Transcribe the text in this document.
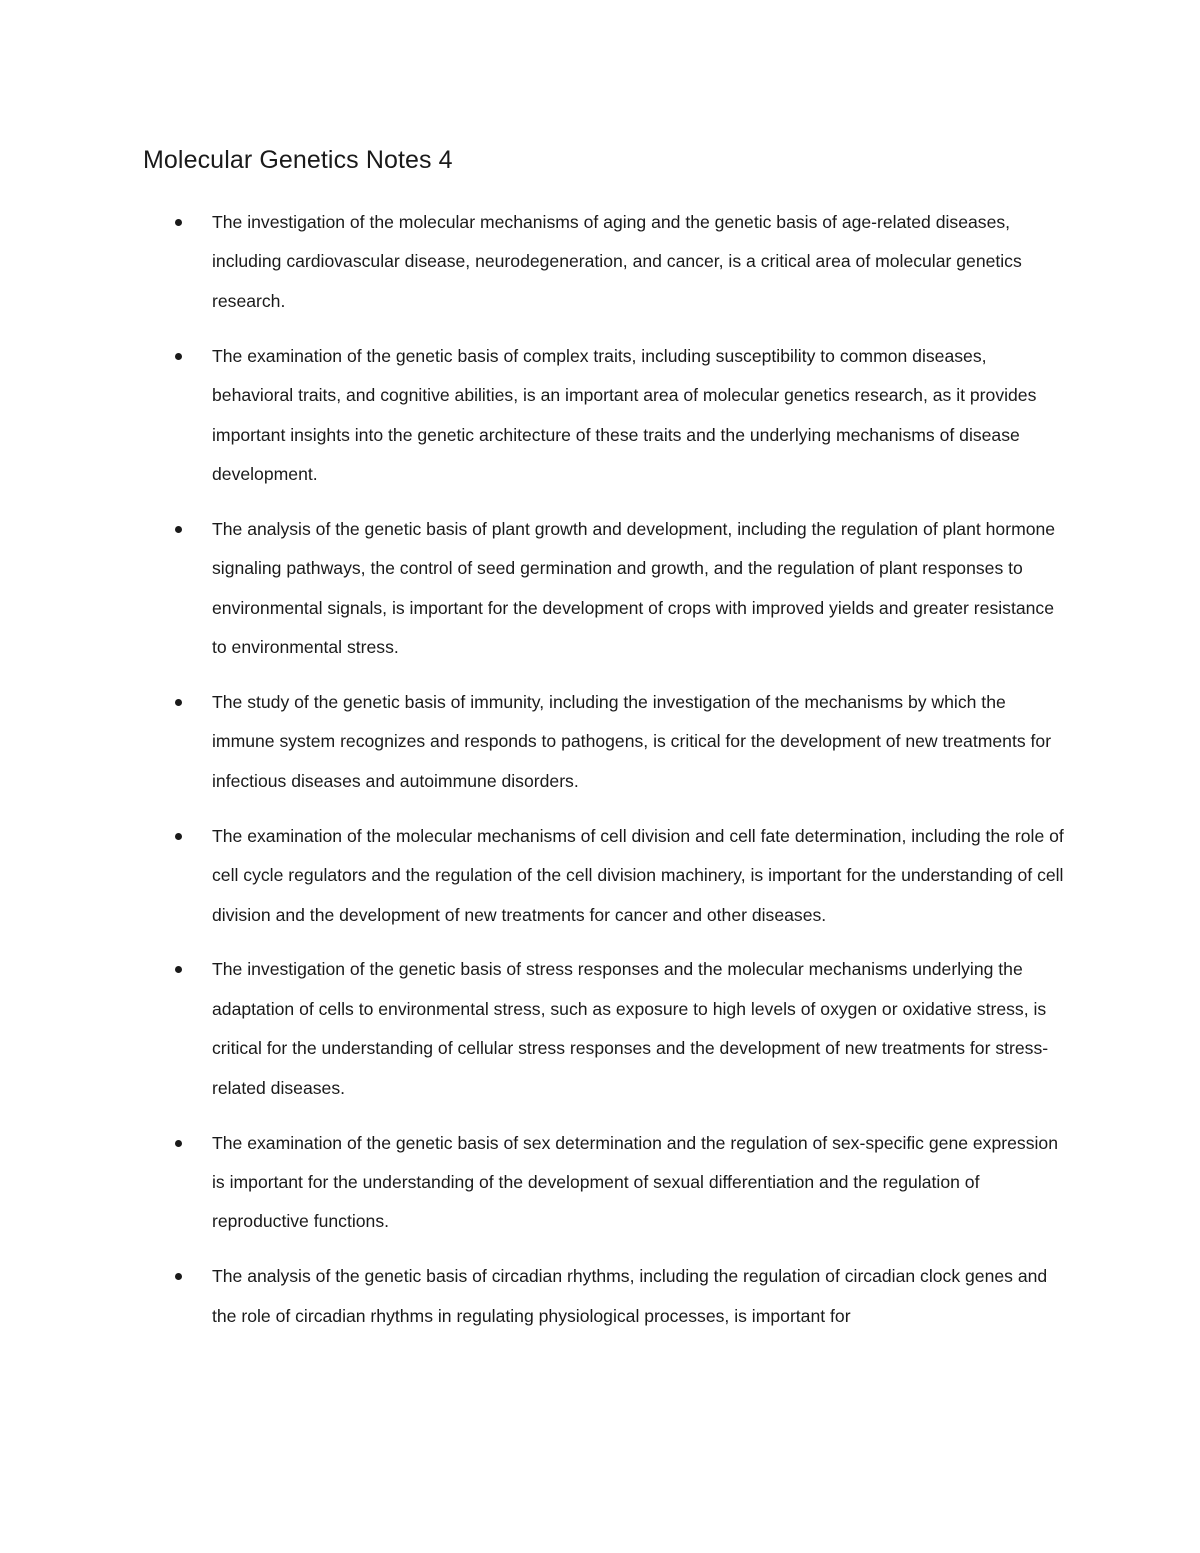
Molecular Genetics Notes 4
The investigation of the molecular mechanisms of aging and the genetic basis of age-related diseases, including cardiovascular disease, neurodegeneration, and cancer, is a critical area of molecular genetics research.
The examination of the genetic basis of complex traits, including susceptibility to common diseases, behavioral traits, and cognitive abilities, is an important area of molecular genetics research, as it provides important insights into the genetic architecture of these traits and the underlying mechanisms of disease development.
The analysis of the genetic basis of plant growth and development, including the regulation of plant hormone signaling pathways, the control of seed germination and growth, and the regulation of plant responses to environmental signals, is important for the development of crops with improved yields and greater resistance to environmental stress.
The study of the genetic basis of immunity, including the investigation of the mechanisms by which the immune system recognizes and responds to pathogens, is critical for the development of new treatments for infectious diseases and autoimmune disorders.
The examination of the molecular mechanisms of cell division and cell fate determination, including the role of cell cycle regulators and the regulation of the cell division machinery, is important for the understanding of cell division and the development of new treatments for cancer and other diseases.
The investigation of the genetic basis of stress responses and the molecular mechanisms underlying the adaptation of cells to environmental stress, such as exposure to high levels of oxygen or oxidative stress, is critical for the understanding of cellular stress responses and the development of new treatments for stress-related diseases.
The examination of the genetic basis of sex determination and the regulation of sex-specific gene expression is important for the understanding of the development of sexual differentiation and the regulation of reproductive functions.
The analysis of the genetic basis of circadian rhythms, including the regulation of circadian clock genes and the role of circadian rhythms in regulating physiological processes, is important for
